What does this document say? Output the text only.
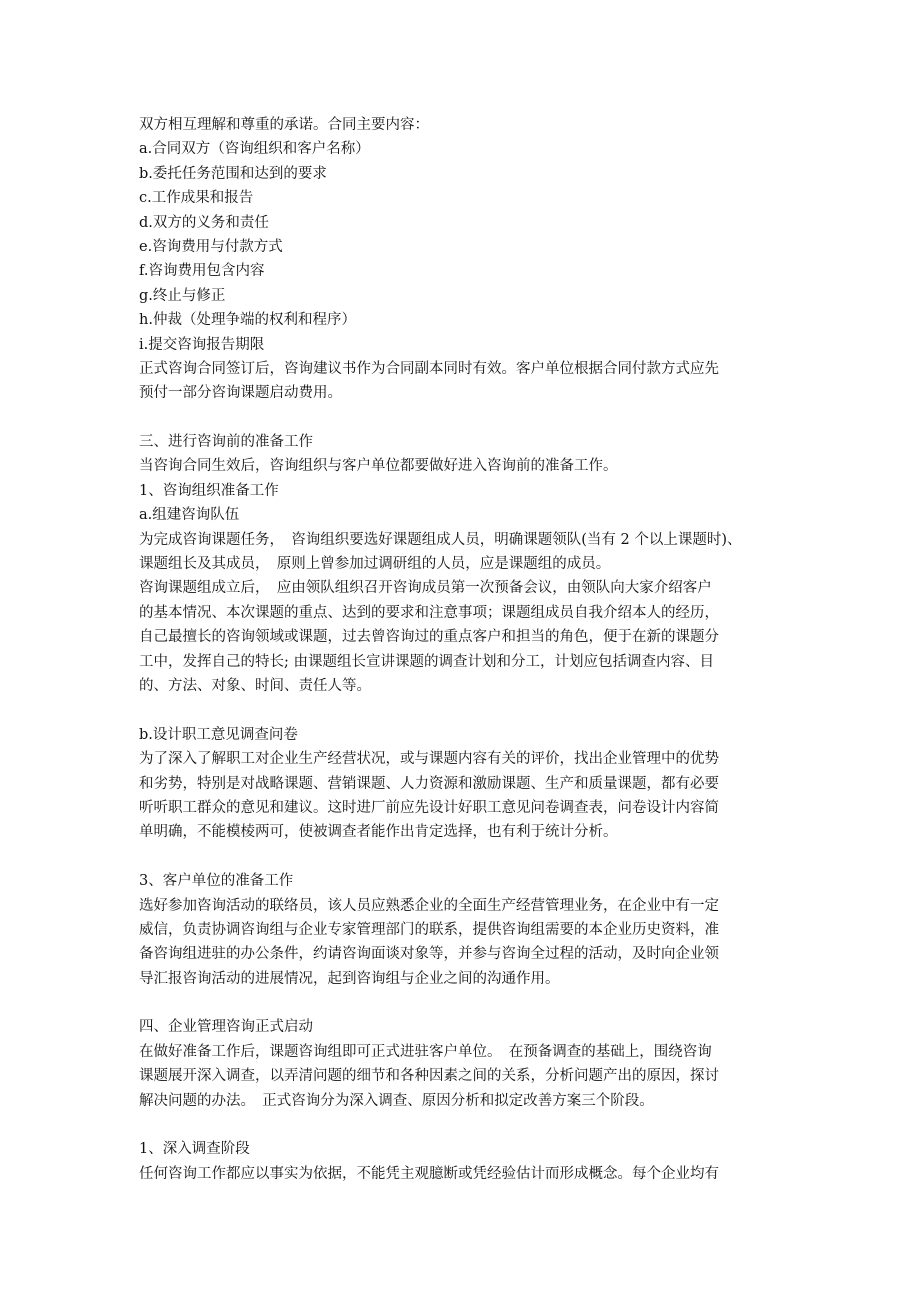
双方相互理解和尊重的承诺。合同主要内容：
a.合同双方（咨询组织和客户名称）
b.委托任务范围和达到的要求
c.工作成果和报告
d.双方的义务和责任
e.咨询费用与付款方式
f.咨询费用包含内容
g.终止与修正
h.仲裁（处理争端的权利和程序）
i.提交咨询报告期限
正式咨询合同签订后，咨询建议书作为合同副本同时有效。客户单位根据合同付款方式应先
预付一部分咨询课题启动费用。
三、进行咨询前的准备工作
当咨询合同生效后，咨询组织与客户单位都要做好进入咨询前的准备工作。
1、咨询组织准备工作
a.组建咨询队伍
为完成咨询课题任务，　咨询组织要选好课题组成人员，明确课题领队(当有 2 个以上课题时)、
课题组长及其成员，　原则上曾参加过调研组的人员，应是课题组的成员。
咨询课题组成立后，　应由领队组织召开咨询成员第一次预备会议，由领队向大家介绍客户
的基本情况、本次课题的重点、达到的要求和注意事项；课题组成员自我介绍本人的经历，
自己最擅长的咨询领域或课题，过去曾咨询过的重点客户和担当的角色，便于在新的课题分
工中，发挥自己的特长; 由课题组长宣讲课题的调查计划和分工，计划应包括调查内容、目
的、方法、对象、时间、责任人等。
b.设计职工意见调查问卷
为了深入了解职工对企业生产经营状况，或与课题内容有关的评价，找出企业管理中的优势
和劣势，特别是对战略课题、营销课题、人力资源和激励课题、生产和质量课题，都有必要
听听职工群众的意见和建议。这时进厂前应先设计好职工意见问卷调查表，问卷设计内容简
单明确，不能模棱两可，使被调查者能作出肯定选择，也有利于统计分析。
3、客户单位的准备工作
选好参加咨询活动的联络员，该人员应熟悉企业的全面生产经营管理业务，在企业中有一定
威信，负责协调咨询组与企业专家管理部门的联系，提供咨询组需要的本企业历史资料，准
备咨询组进驻的办公条件，约请咨询面谈对象等，并参与咨询全过程的活动，及时向企业领
导汇报咨询活动的进展情况，起到咨询组与企业之间的沟通作用。
四、企业管理咨询正式启动
在做好准备工作后，课题咨询组即可正式进驻客户单位。　在预备调查的基础上，围绕咨询
课题展开深入调查，以弄清问题的细节和各种因素之间的关系，分析问题产出的原因，探讨
解决问题的办法。　正式咨询分为深入调查、原因分析和拟定改善方案三个阶段。
1、深入调查阶段
任何咨询工作都应以事实为依据，不能凭主观臆断或凭经验估计而形成概念。每个企业均有
